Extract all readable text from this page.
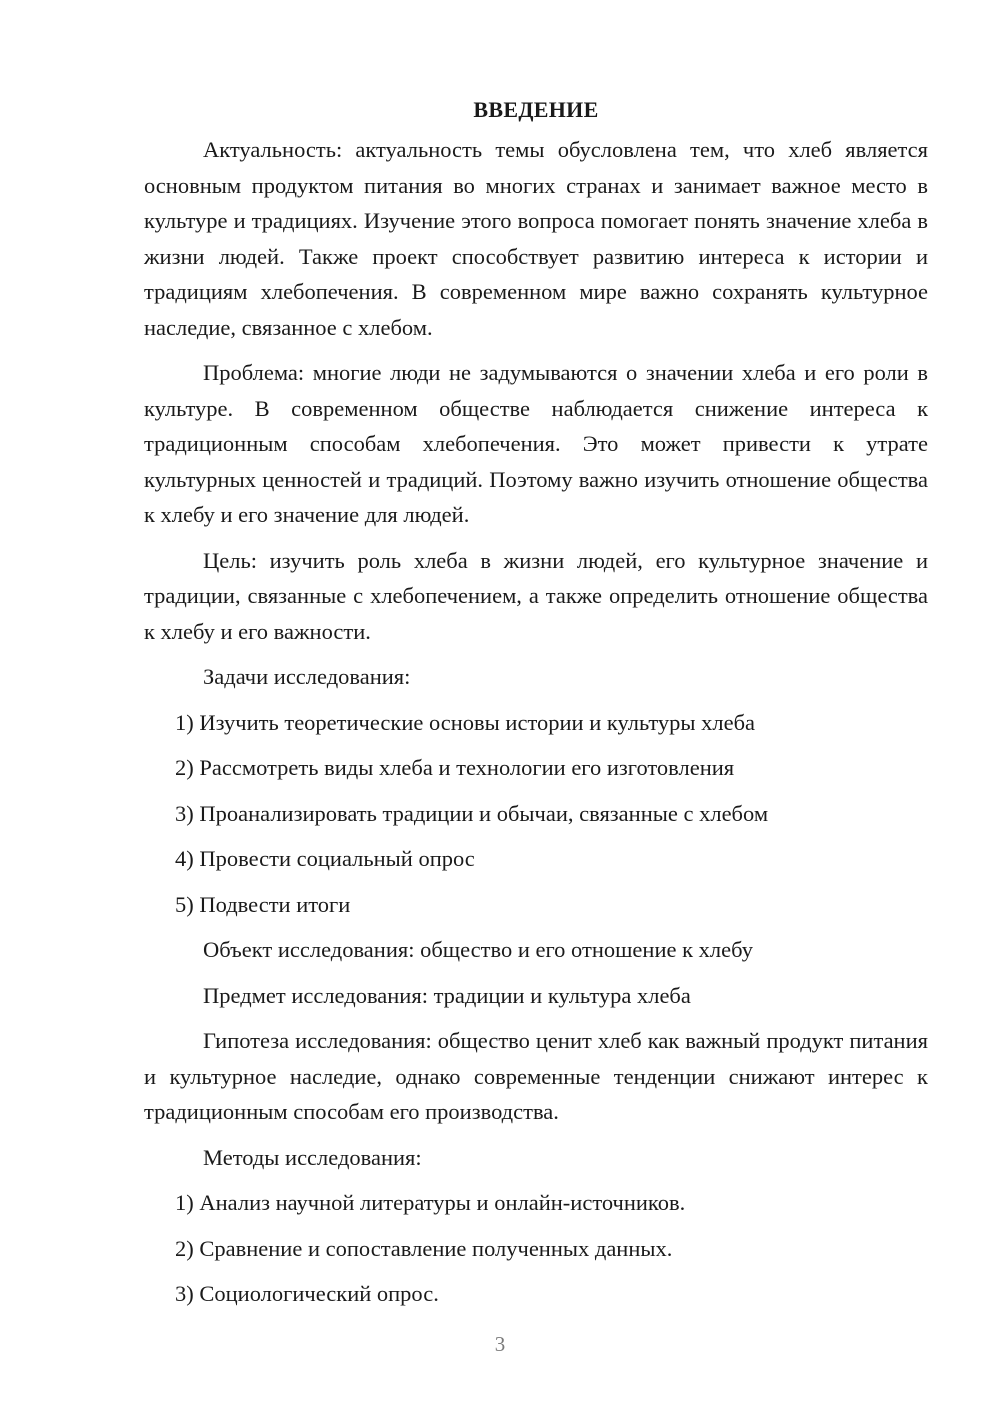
ВВЕДЕНИЕ

Актуальность: актуальность темы обусловлена тем, что хлеб является основным продуктом питания во многих странах и занимает важное место в культуре и традициях. Изучение этого вопроса помогает понять значение хлеба в жизни людей. Также проект способствует развитию интереса к истории и традициям хлебопечения. В современном мире важно сохранять культурное наследие, связанное с хлебом.

Проблема: многие люди не задумываются о значении хлеба и его роли в культуре. В современном обществе наблюдается снижение интереса к традиционным способам хлебопечения. Это может привести к утрате культурных ценностей и традиций. Поэтому важно изучить отношение общества к хлебу и его значение для людей.

Цель: изучить роль хлеба в жизни людей, его культурное значение и традиции, связанные с хлебопечением, а также определить отношение общества к хлебу и его важности.

Задачи исследования:
1) Изучить теоретические основы истории и культуры хлеба
2) Рассмотреть виды хлеба и технологии его изготовления
3) Проанализировать традиции и обычаи, связанные с хлебом
4) Провести социальный опрос
5) Подвести итоги
Объект исследования: общество и его отношение к хлебу
Предмет исследования: традиции и культура хлеба

Гипотеза исследования: общество ценит хлеб как важный продукт питания и культурное наследие, однако современные тенденции снижают интерес к традиционным способам его производства.

Методы исследования:
1) Анализ научной литературы и онлайн-источников.
2) Сравнение и сопоставление полученных данных.
3) Социологический опрос.
3
